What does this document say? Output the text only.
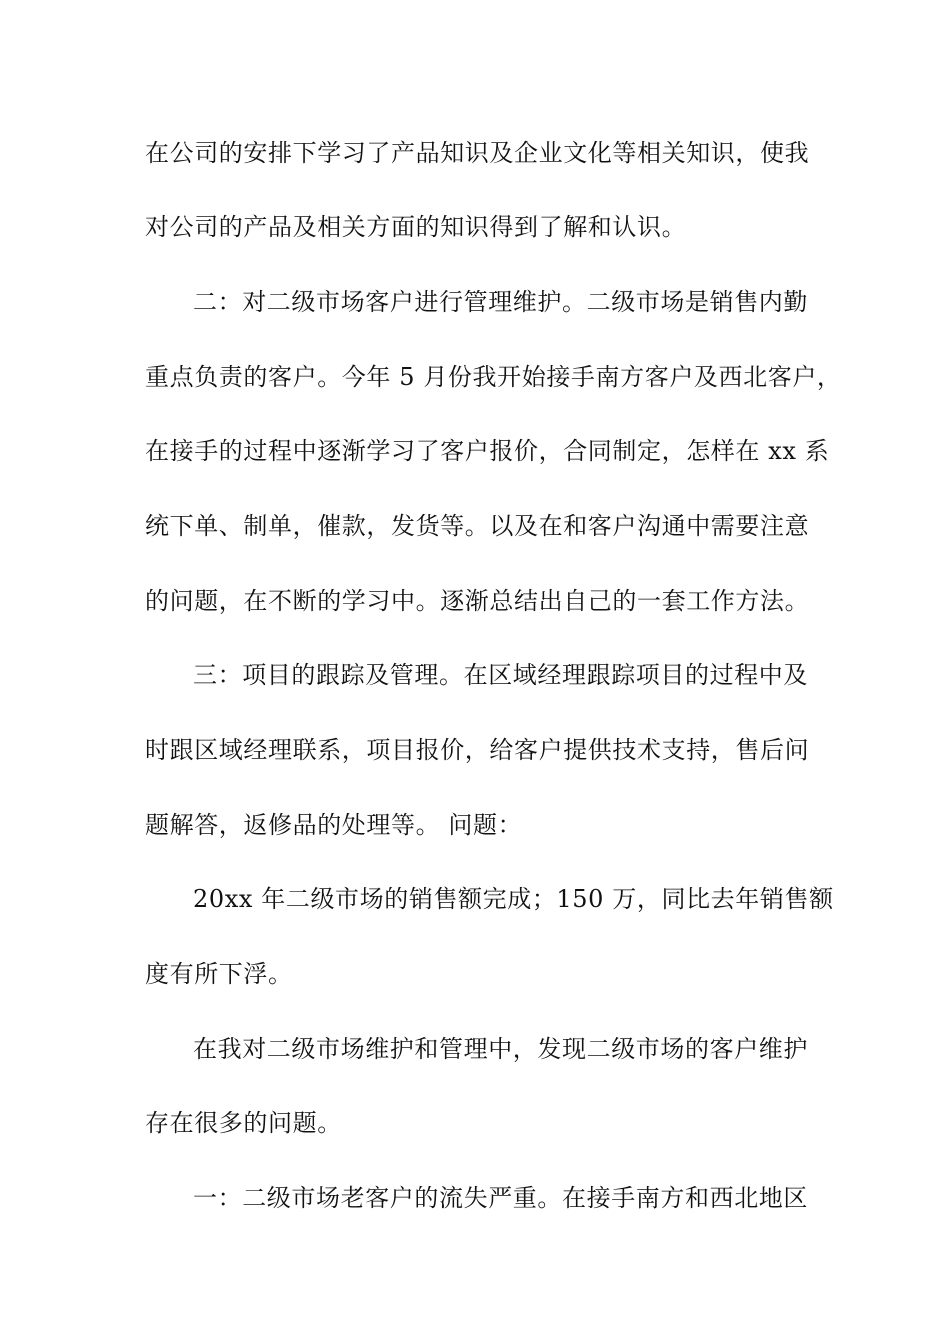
在公司的安排下学习了产品知识及企业文化等相关知识，使我
对公司的产品及相关方面的知识得到了解和认识。
二：对二级市场客户进行管理维护。二级市场是销售内勤
重点负责的客户。今年 5 月份我开始接手南方客户及西北客户，
在接手的过程中逐渐学习了客户报价，合同制定，怎样在 xx 系
统下单、制单，催款，发货等。以及在和客户沟通中需要注意
的问题，在不断的学习中。逐渐总结出自己的一套工作方法。
三：项目的跟踪及管理。在区域经理跟踪项目的过程中及
时跟区域经理联系，项目报价，给客户提供技术支持，售后问
题解答，返修品的处理等。 问题：
20xx 年二级市场的销售额完成；150 万，同比去年销售额
度有所下浮。
在我对二级市场维护和管理中，发现二级市场的客户维护
存在很多的问题。
一：二级市场老客户的流失严重。在接手南方和西北地区
